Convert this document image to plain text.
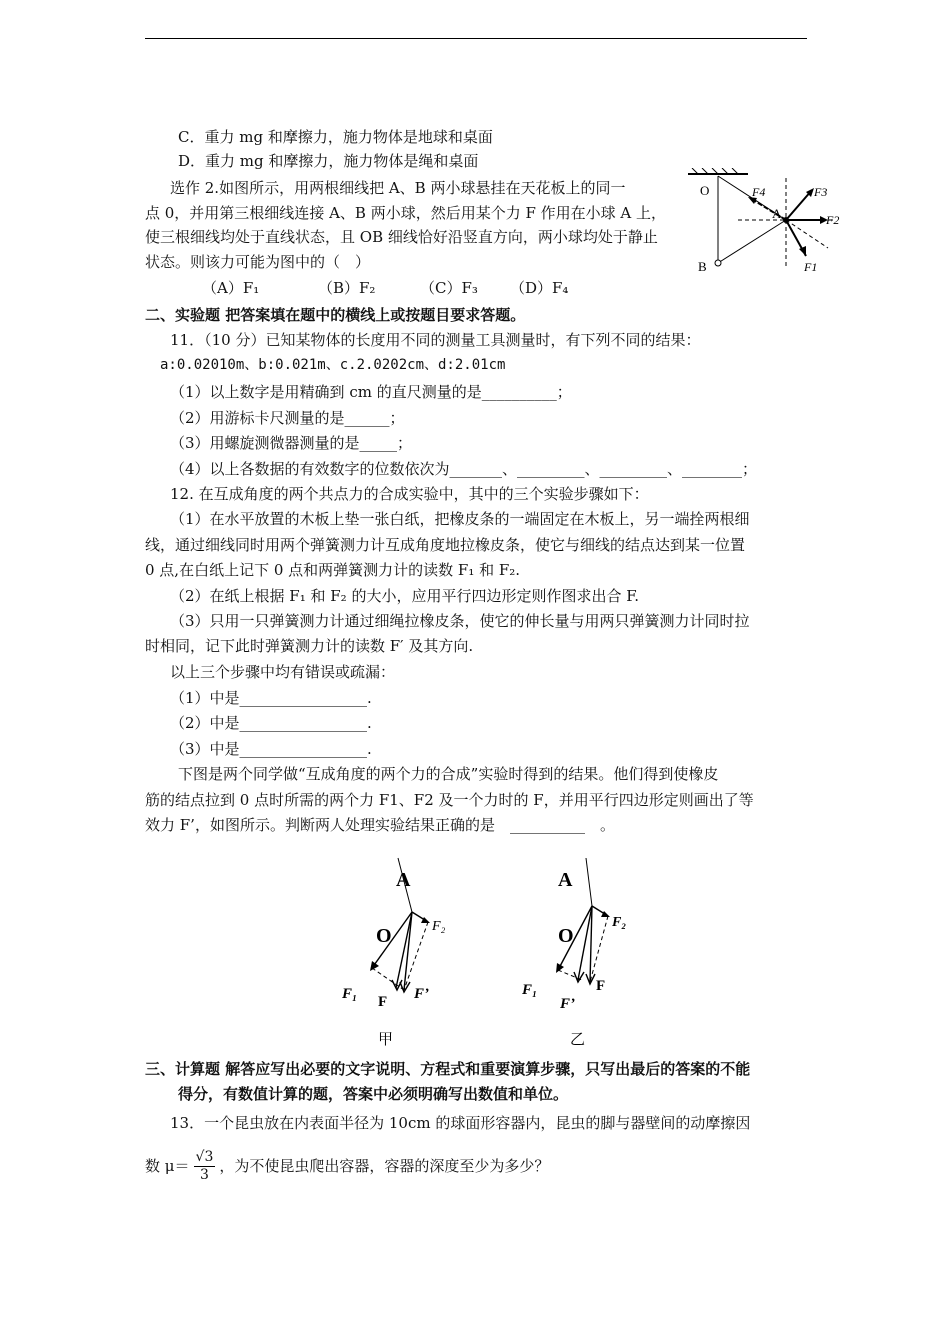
C．重力 mg 和摩擦力，施力物体是地球和桌面
D．重力 mg 和摩擦力，施力物体是绳和桌面
选作 2.如图所示，用两根细线把 A、B 两小球悬挂在天花板上的同一
点 0，并用第三根细线连接 A、B 两小球，然后用某个力 F 作用在小球 A 上，
使三根细线均处于直线状态，且 OB 细线恰好沿竖直方向，两小球均处于静止
状态。则该力可能为图中的（　）
（A）F₁	（B）F₂	（C）F₃ （D）F₄
O
A
B	F1
F2
F3
F4
二、实验题 把答案填在题中的横线上或按题目要求答题。
11．（10 分）已知某物体的长度用不同的测量工具测量时，有下列不同的结果：
a:0.02010m、b:0.021m、c.2.0202cm、d:2.01cm
（1）以上数字是用精确到 cm 的直尺测量的是__________；
（2）用游标卡尺测量的是______；
（3）用螺旋测微器测量的是_____；
（4）以上各数据的有效数字的位数依次为_______、_________、_________、________；
12. 在互成角度的两个共点力的合成实验中，其中的三个实验步骤如下：
（1）在水平放置的木板上垫一张白纸，把橡皮条的一端固定在木板上，另一端拴两根细
线，通过细线同时用两个弹簧测力计互成角度地拉橡皮条，使它与细线的结点达到某一位置
0 点,在白纸上记下 0 点和两弹簧测力计的读数 F₁ 和 F₂.
（2）在纸上根据 F₁ 和 F₂ 的大小，应用平行四边形定则作图求出合 F.
（3）只用一只弹簧测力计通过细绳拉橡皮条，使它的伸长量与用两只弹簧测力计同时拉
时相同，记下此时弹簧测力计的读数 F′ 及其方向.
以上三个步骤中均有错误或疏漏：
（1）中是_________________.
（2）中是_________________.
（3）中是_________________.
下图是两个同学做“互成角度的两个力的合成”实验时得到的结果。他们得到使橡皮
筋的结点拉到 0 点时所需的两个力 F1、F2 及一个力时的 F，并用平行四边形定则画出了等
效力 F’，如图所示。判断两人处理实验结果正确的是　__________　。
A
O	F₂
F₁ F F’
甲
A
O
F₂
F₁	F
F’
乙
三、计算题 解答应写出必要的文字说明、方程式和重要演算步骤，只写出最后的答案的不能
得分，有数值计算的题，答案中必须明确写出数值和单位。
13．一个昆虫放在内表面半径为 10cm 的球面形容器内，昆虫的脚与器壁间的动摩擦因
数 $\mu= \frac{√3}{3}$ ，为不使昆虫爬出容器，容器的深度至少为多少？
